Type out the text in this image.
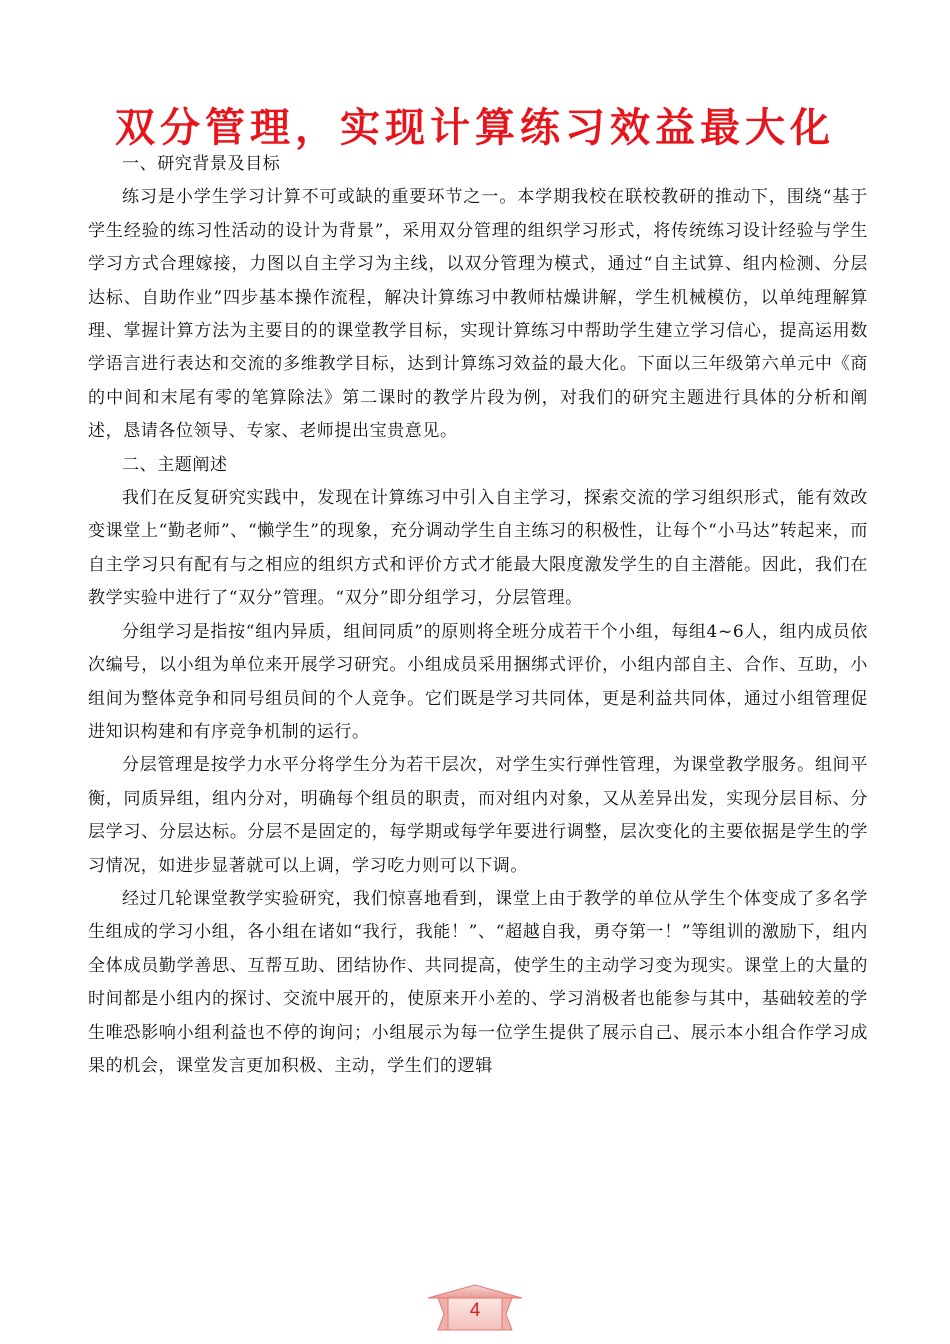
双分管理，实现计算练习效益最大化

一、研究背景及目标

练习是小学生学习计算不可或缺的重要环节之一。本学期我校在联校教研的推动下，围绕“基于学生经验的练习性活动的设计为背景”，采用双分管理的组织学习形式，将传统练习设计经验与学生学习方式合理嫁接，力图以自主学习为主线，以双分管理为模式，通过“自主试算、组内检测、分层达标、自助作业”四步基本操作流程，解决计算练习中教师枯燥讲解，学生机械模仿，以单纯理解算理、掌握计算方法为主要目的的课堂教学目标，实现计算练习中帮助学生建立学习信心，提高运用数学语言进行表达和交流的多维教学目标，达到计算练习效益的最大化。下面以三年级第六单元中《商的中间和末尾有零的笔算除法》第二课时的教学片段为例，对我们的研究主题进行具体的分析和阐述，恳请各位领导、专家、老师提出宝贵意见。

二、主题阐述

我们在反复研究实践中，发现在计算练习中引入自主学习，探索交流的学习组织形式，能有效改变课堂上“勤老师”、“懒学生”的现象，充分调动学生自主练习的积极性，让每个“小马达”转起来，而自主学习只有配有与之相应的组织方式和评价方式才能最大限度激发学生的自主潜能。因此，我们在教学实验中进行了“双分”管理。“双分”即分组学习，分层管理。

分组学习是指按“组内异质，组间同质”的原则将全班分成若干个小组，每组4~6人，组内成员依次编号，以小组为单位来开展学习研究。小组成员采用捆绑式评价，小组内部自主、合作、互助，小组间为整体竞争和同号组员间的个人竞争。它们既是学习共同体，更是利益共同体，通过小组管理促进知识构建和有序竞争机制的运行。

分层管理是按学力水平分将学生分为若干层次，对学生实行弹性管理，为课堂教学服务。组间平衡，同质异组，组内分对，明确每个组员的职责，而对组内对象，又从差异出发，实现分层目标、分层学习、分层达标。分层不是固定的，每学期或每学年要进行调整，层次变化的主要依据是学生的学习情况，如进步显著就可以上调，学习吃力则可以下调。

经过几轮课堂教学实验研究，我们惊喜地看到，课堂上由于教学的单位从学生个体变成了多名学生组成的学习小组，各小组在诸如“我行，我能！”、“超越自我，勇夺第一！”等组训的激励下，组内全体成员勤学善思、互帮互助、团结协作、共同提高，使学生的主动学习变为现实。课堂上的大量的时间都是小组内的探讨、交流中展开的，使原来开小差的、学习消极者也能参与其中，基础较差的学生唯恐影响小组利益也不停的询问；小组展示为每一位学生提供了展示自己、展示本小组合作学习成果的机会，课堂发言更加积极、主动，学生们的逻辑

4
